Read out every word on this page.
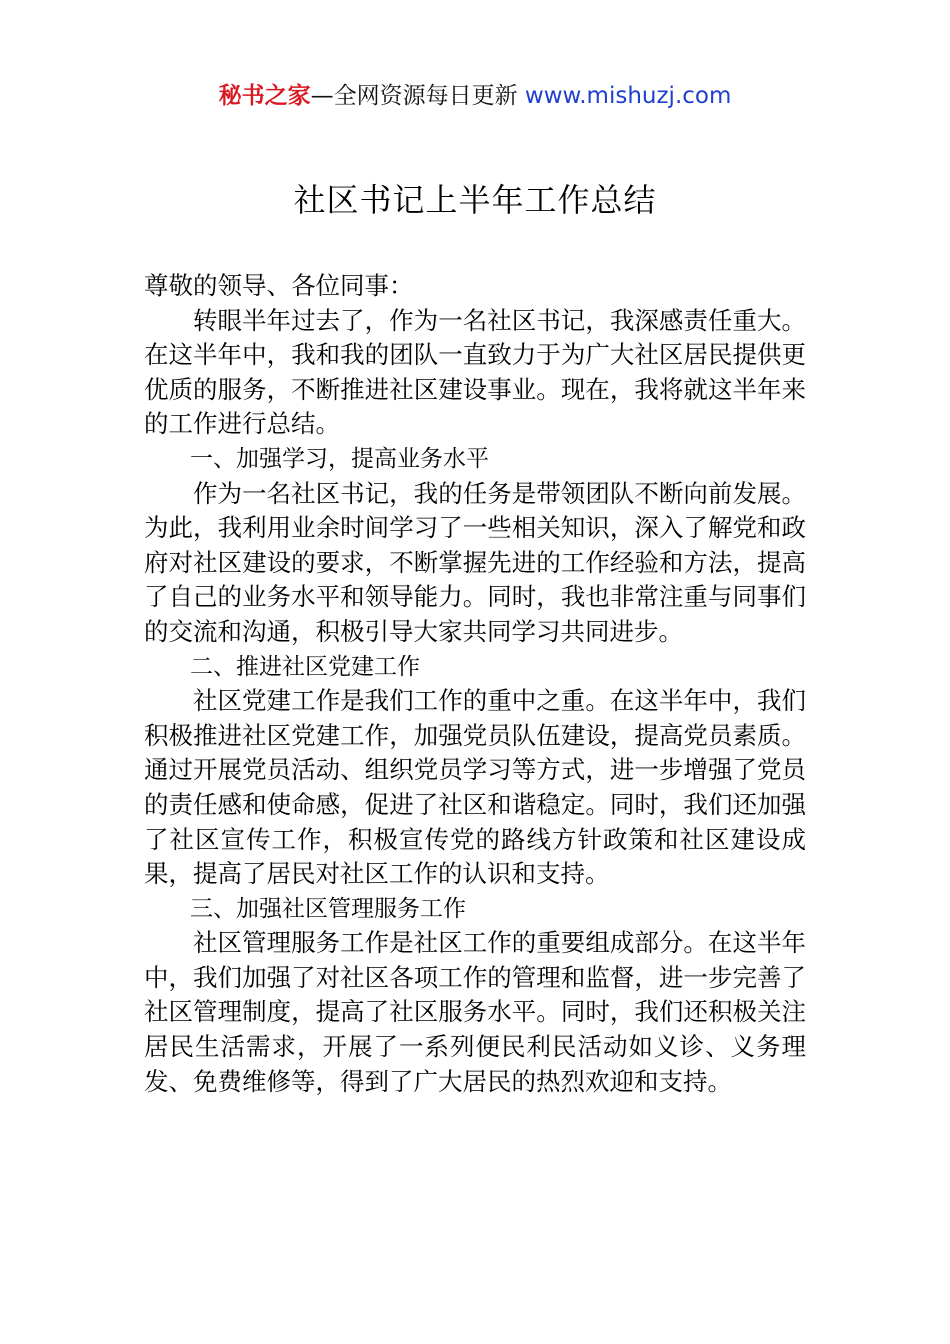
秘书之家—全网资源每日更新 www.mishuzj.com
社区书记上半年工作总结

尊敬的领导、各位同事：

转眼半年过去了，作为一名社区书记，我深感责任重大。在这半年中，我和我的团队一直致力于为广大社区居民提供更优质的服务，不断推进社区建设事业。现在，我将就这半年来的工作进行总结。

一、加强学习，提高业务水平

作为一名社区书记，我的任务是带领团队不断向前发展。为此，我利用业余时间学习了一些相关知识，深入了解党和政府对社区建设的要求，不断掌握先进的工作经验和方法，提高了自己的业务水平和领导能力。同时，我也非常注重与同事们的交流和沟通，积极引导大家共同学习共同进步。

二、推进社区党建工作

社区党建工作是我们工作的重中之重。在这半年中，我们积极推进社区党建工作，加强党员队伍建设，提高党员素质。通过开展党员活动、组织党员学习等方式，进一步增强了党员的责任感和使命感，促进了社区和谐稳定。同时，我们还加强了社区宣传工作，积极宣传党的路线方针政策和社区建设成果，提高了居民对社区工作的认识和支持。

三、加强社区管理服务工作

社区管理服务工作是社区工作的重要组成部分。在这半年中，我们加强了对社区各项工作的管理和监督，进一步完善了社区管理制度，提高了社区服务水平。同时，我们还积极关注居民生活需求，开展了一系列便民利民活动如义诊、义务理发、免费维修等，得到了广大居民的热烈欢迎和支持。
